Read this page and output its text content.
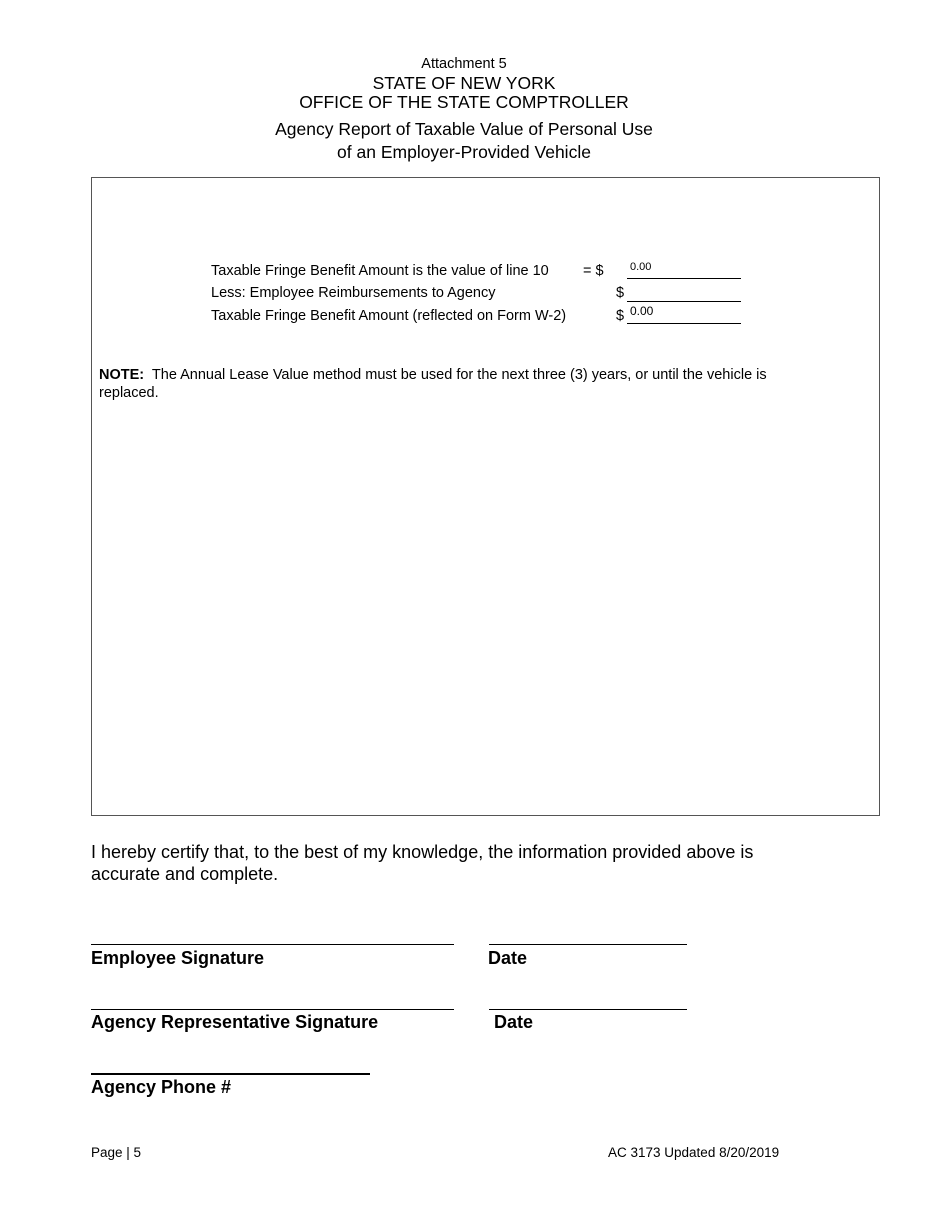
Attachment 5
STATE OF NEW YORK
OFFICE OF THE STATE COMPTROLLER
Agency Report of Taxable Value of Personal Use
of an Employer-Provided Vehicle
Taxable Fringe Benefit Amount is the value of line 10 = $ 0.00
Less: Employee Reimbursements to Agency	$
Taxable Fringe Benefit Amount (reflected on Form W-2)	$ 0.00
NOTE: The Annual Lease Value method must be used for the next three (3) years, or until the vehicle is replaced.
I hereby certify that, to the best of my knowledge, the information provided above is accurate and complete.
Employee Signature	Date
Agency Representative Signature	Date
Agency Phone #
Page | 5	AC 3173 Updated 8/20/2019
